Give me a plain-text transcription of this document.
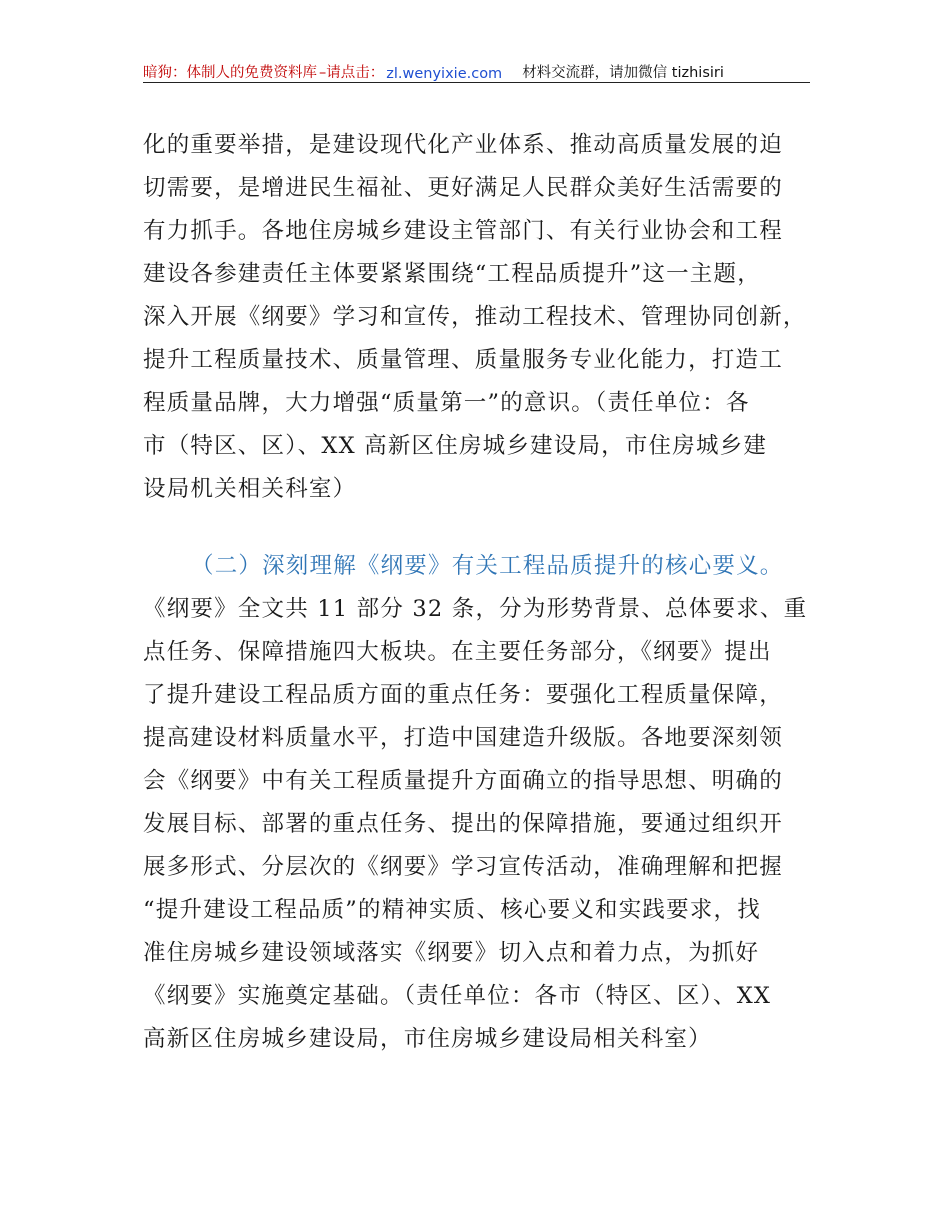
暗狗：体制人的免费资料库 –请点击： zl.wenyixie.com 材料交流群，请加微信 tizhisiri
化的重要举措，是建设现代化产业体系、推动高质量发展的迫
切需要，是增进民生福祉、更好满足人民群众美好生活需要的
有力抓手。各地住房城乡建设主管部门、有关行业协会和工程
建设各参建责任主体要紧紧围绕“工程品质提升”这一主题，
深入开展《纲要》学习和宣传，推动工程技术、管理协同创新，
提升工程质量技术、质量管理、质量服务专业化能力，打造工
程质量品牌，大力增强“质量第一”的意识。（责任单位：各
市（特区、区）、XX 高新区住房城乡建设局，市住房城乡建
设局机关相关科室）
（二）深刻理解《纲要》有关工程品质提升的核心要义。
《纲要》全文共 11 部分 32 条，分为形势背景、总体要求、重
点任务、保障措施四大板块。在主要任务部分，《纲要》提出
了提升建设工程品质方面的重点任务：要强化工程质量保障，
提高建设材料质量水平，打造中国建造升级版。各地要深刻领
会《纲要》中有关工程质量提升方面确立的指导思想、明确的
发展目标、部署的重点任务、提出的保障措施，要通过组织开
展多形式、分层次的《纲要》学习宣传活动，准确理解和把握
“提升建设工程品质”的精神实质、核心要义和实践要求，找
准住房城乡建设领域落实《纲要》切入点和着力点，为抓好
《纲要》实施奠定基础。（责任单位：各市（特区、区）、XX
高新区住房城乡建设局，市住房城乡建设局相关科室）
